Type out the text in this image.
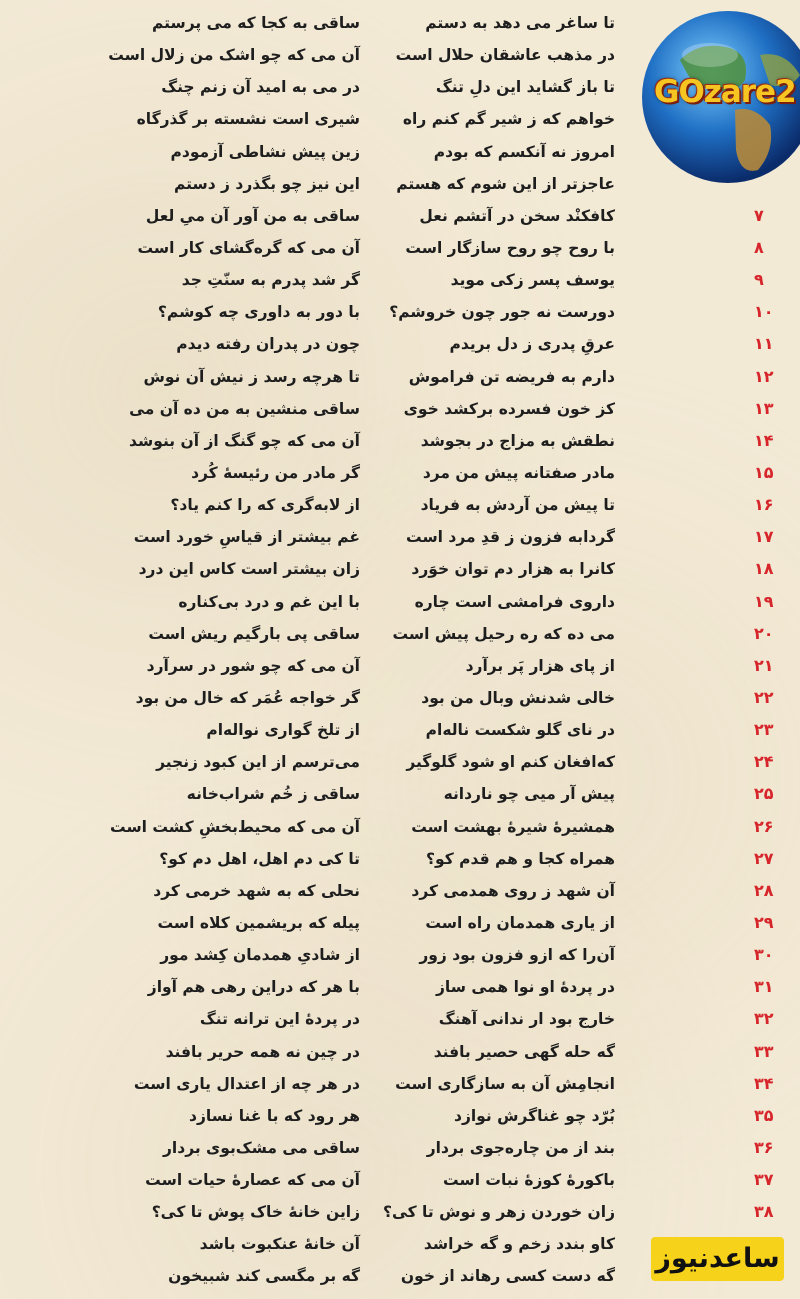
GOzare2
ساقی به کجا که می پرستم	تا ساغر می دهد به دستم
آن می که چو اشک من زلال است	در مذهب عاشقان حلال است
در می به امید آن زنم چنگ	تا باز گشاید این دلِ تنگ
شیری است نشسته بر گذرگاه	خواهم که ز شیر گم کنم راه
زین پیش نشاطی آزمودم	امروز نه آنکسم که بودم
این نیز چو بگذرد ز دستم	عاجزتر از این شوم که هستم
ساقی به من آور آن میِ لعل	کافکنْد سخن در آتشم نعل	۷
آن می که گره‌گشای کار است	با روح چو روح سازگار است	۸
گر شد پدرم به سنّتِ جد	یوسف پسر زکی موید	۹
با دور به داوری چه کوشم؟	دورست نه جور چون خروشم؟	۱۰
چون در پدران رفته دیدم	عرقِ پدری ز دل بریدم	۱۱
تا هرچه رسد ز نیش آن نوش	دارم به فریضه تن فراموش	۱۲
ساقی منشین به من ده آن می	کز خون فسرده برکشد خوی	۱۳
آن می که چو گنگ از آن بنوشد	نطقش به مزاج در بجوشد	۱۴
گر مادر من رئیسهٔ کُرد	مادر صفتانه پیش من مرد	۱۵
از لابه‌گری که را کنم یاد؟	تا پیش من آردش به فریاد	۱۶
غم بیشتر از قیاسِ خورد است	گردابه فزون ز قدِ مرد است	۱۷
زان بیشتر است کاس این درد	کانرا به هزار دم توان خوَرد	۱۸
با این غم و درد بی‌کناره	داروی فرامشی است چاره	۱۹
ساقی پی بارگیم ریش است	می ده که ره رحیل پیش است	۲۰
آن می که چو شور در سرآرد	از پای هزار پَر برآرد	۲۱
گر خواجه عُمَر که خال من بود	خالی شدنش وبال من بود	۲۲
از تلخ گواری نواله‌ام	در نای گلو شکست ناله‌ام	۲۳
می‌ترسم از این کبود زنجیر	که‌افغان کنم او شود گلوگیر	۲۴
ساقی ز خُم شراب‌خانه	پیش آر میی چو ناردانه	۲۵
آن می که محیط‌بخشِ کشت است	همشیرهٔ شیرهٔ بهشت است	۲۶
تا کی دم اهل، اهل دم کو؟	همراه کجا و هم قدم کو؟	۲۷
نحلی که به شهد خرمی کرد	آن شهد ز روی همدمی کرد	۲۸
پیله که بریشمین کلاه است	از یاری همدمان راه است	۲۹
از شادیِ همدمان کِشد مور	آن‌را که ازو فزون بود زور	۳۰
با هر که دراین رهی هم آواز	در پردهٔ او نوا همی ساز	۳۱
در پردهٔ این ترانه تنگ	خارج بود ار ندانی آهنگ	۳۲
در چین نه همه حریر بافند	گه حله گهی حصیر بافند	۳۳
در هر چه از اعتدال یاری است	انجامِش آن به سازگاری است	۳۴
هر رود که با غنا نسازد	بُرّد چو غناگرش نوازد	۳۵
ساقی می مشک‌بوی بردار	بند از من چاره‌جوی بردار	۳۶
آن می که عصارهٔ حیات است	باکورهٔ کوزهٔ نبات است	۳۷
زاین خانهٔ خاک پوش تا کی؟	زان خوردن زهر و نوش تا کی؟	۳۸
آن خانهٔ عنکبوت باشد	کاو بندد زخم و گه خراشد
گه بر مگسی کند شبیخون	گه دست کسی رهاند از خون
ساعدنیوز
